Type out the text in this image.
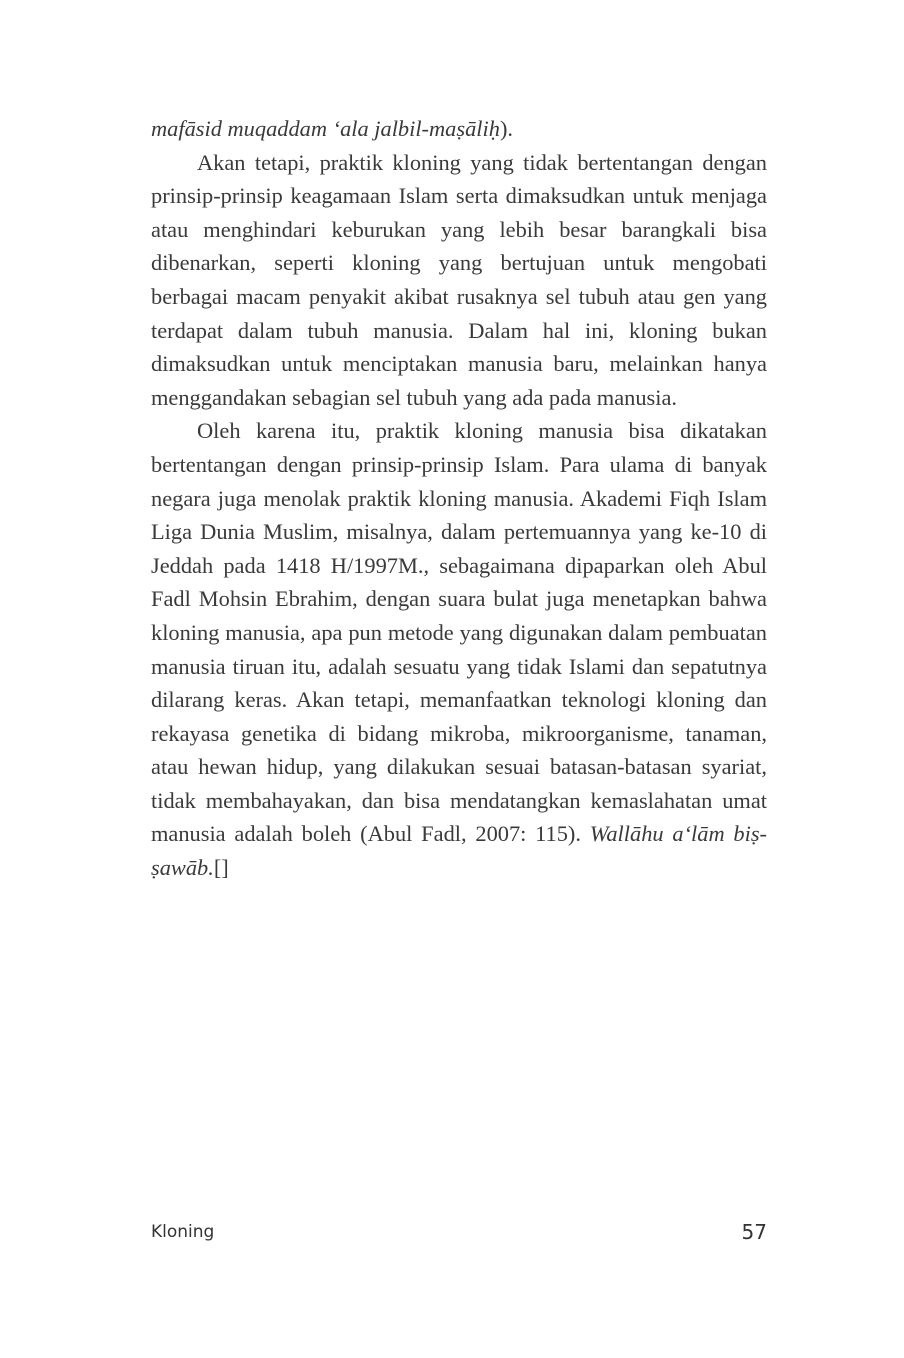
mafāsid muqaddam ‘ala jalbil-maṣāliḥ).

Akan tetapi, praktik kloning yang tidak bertentangan dengan prinsip-prinsip keagamaan Islam serta dimaksudkan untuk menjaga atau menghindari keburukan yang lebih besar barangkali bisa dibenarkan, seperti kloning yang bertujuan untuk mengobati berbagai macam penyakit akibat rusaknya sel tubuh atau gen yang terdapat dalam tubuh manusia. Dalam hal ini, kloning bukan dimaksudkan untuk menciptakan manusia baru, melainkan hanya menggandakan sebagian sel tubuh yang ada pada manusia.

Oleh karena itu, praktik kloning manusia bisa dikatakan bertentangan dengan prinsip-prinsip Islam. Para ulama di banyak negara juga menolak praktik kloning manusia. Akademi Fiqh Islam Liga Dunia Muslim, misalnya, dalam pertemuannya yang ke-10 di Jeddah pada 1418 H/1997M., sebagaimana dipaparkan oleh Abul Fadl Mohsin Ebrahim, dengan suara bulat juga menetapkan bahwa kloning manusia, apa pun metode yang digunakan dalam pembuatan manusia tiruan itu, adalah sesuatu yang tidak Islami dan sepatutnya dilarang keras. Akan tetapi, memanfaatkan teknologi kloning dan rekayasa genetika di bidang mikroba, mikroorganisme, tanaman, atau hewan hidup, yang dilakukan sesuai batasan-batasan syariat, tidak membahayakan, dan bisa mendatangkan kemaslahatan umat manusia adalah boleh (Abul Fadl, 2007: 115). Wallāhu a‘lām biṣ-ṣawāb.[]

Kloning	57
